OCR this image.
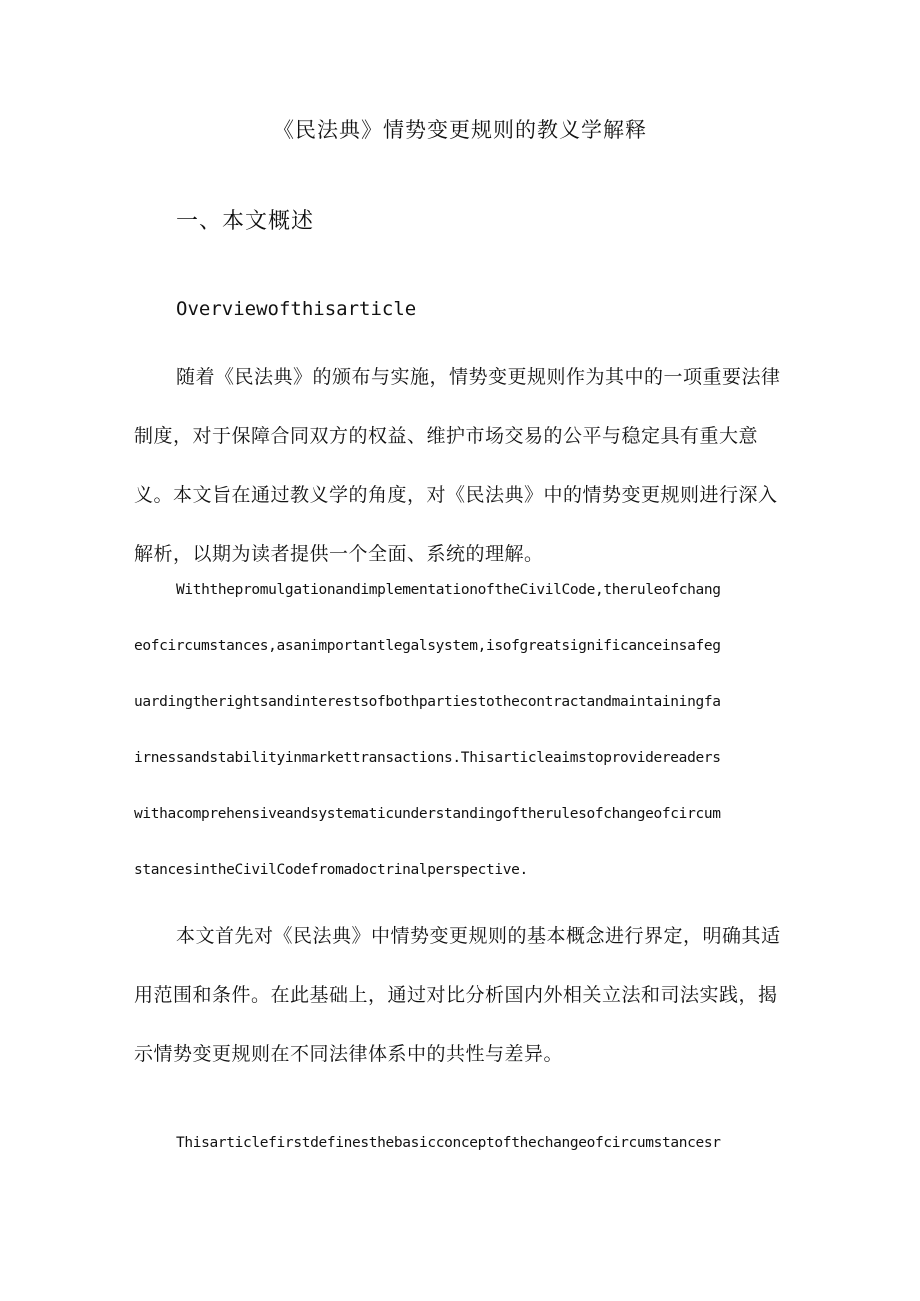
《民法典》情势变更规则的教义学解释
一、本文概述
Overviewofthisarticle

随着《民法典》的颁布与实施，情势变更规则作为其中的一项重要法律制度，对于保障合同双方的权益、维护市场交易的公平与稳定具有重大意义。本文旨在通过教义学的角度，对《民法典》中的情势变更规则进行深入解析，以期为读者提供一个全面、系统的理解。

WiththepromulgationandimplementationoftheCivilCode,theruleofchang
eofcircumstances,asanimportantlegalsystem,isofgreatsignificanceinsafeg
uardingtherightsandinterestsofbothpartiestothecontractandmaintainingfa
irnessandstabilityinmarkettransactions.Thisarticleaimstoprovidereaders
withacomprehensiveandsystematicunderstandingoftherulesofchangeofcircum
stancesintheCivilCodefromadoctrinalperspective.

本文首先对《民法典》中情势变更规则的基本概念进行界定，明确其适用范围和条件。在此基础上，通过对比分析国内外相关立法和司法实践，揭示情势变更规则在不同法律体系中的共性与差异。

Thisarticlefirstdefinesthebasicconceptofthechangeofcircumstancesr
